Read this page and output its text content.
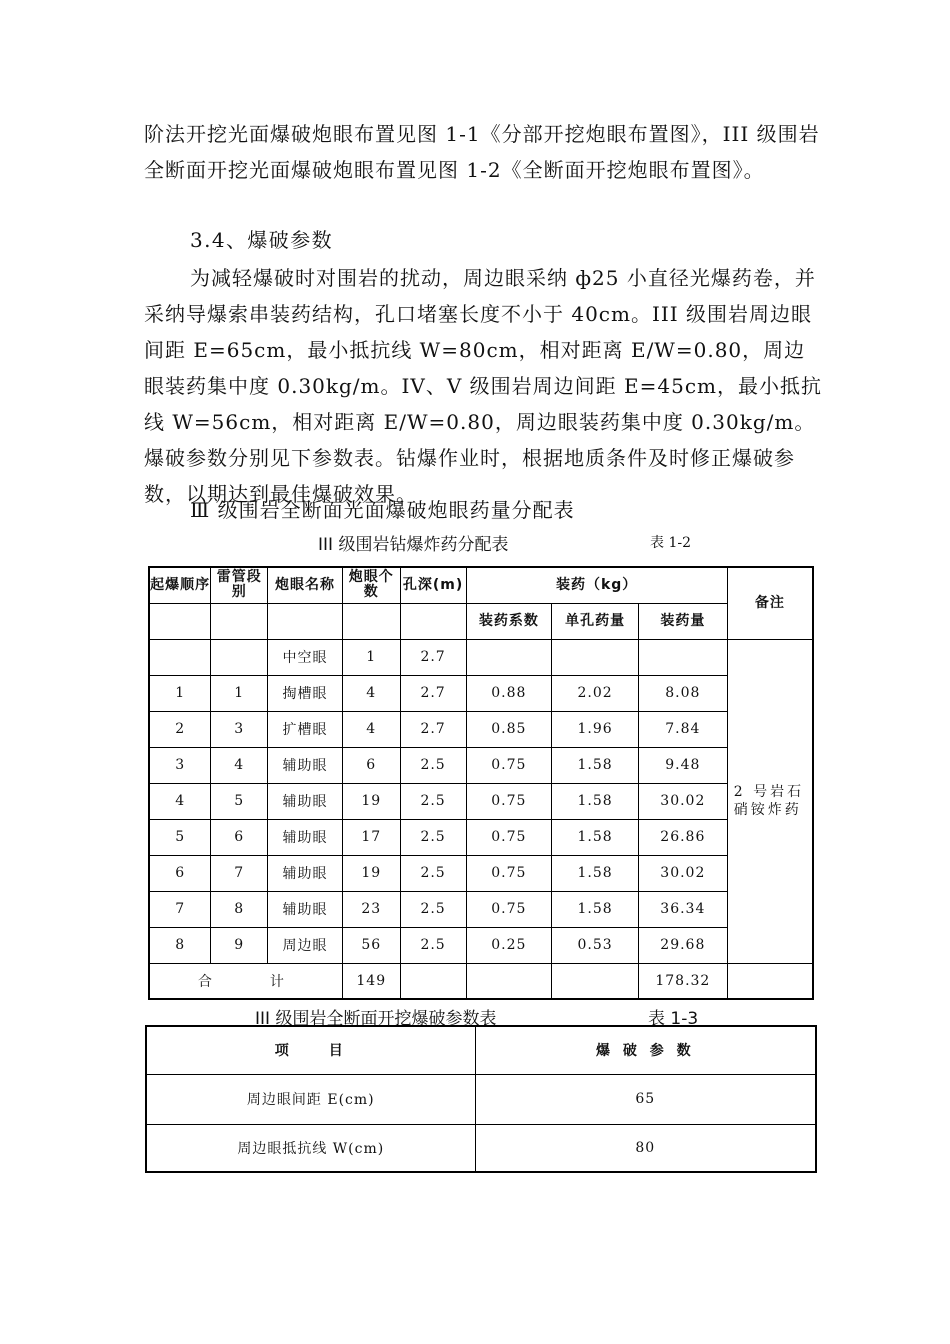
阶法开挖光面爆破炮眼布置见图 1-1《分部开挖炮眼布置图》，III 级围岩全断面开挖光面爆破炮眼布置见图 1-2《全断面开挖炮眼布置图》。
3.4、爆破参数
为减轻爆破时对围岩的扰动，周边眼采纳 ф25 小直径光爆药卷，并采纳导爆索串装药结构，孔口堵塞长度不小于 40cm。III 级围岩周边眼间距 E=65cm，最小抵抗线 W=80cm，相对距离 E/W=0.80，周边眼装药集中度 0.30kg/m。IV、V 级围岩周边间距 E=45cm，最小抵抗线 W=56cm，相对距离 E/W=0.80，周边眼装药集中度 0.30kg/m。爆破参数分别见下参数表。钻爆作业时，根据地质条件及时修正爆破参数，以期达到最佳爆破效果。
Ⅲ 级围岩全断面光面爆破炮眼药量分配表
III 级围岩钻爆炸药分配表	表 1-2
起爆顺序	雷管段别	炮眼名称	炮眼个数	孔深(m)	装药（kg）			备注
					装药系数	单孔药量	装药量	
		中空眼	1	2.7				2 号岩石硝铵炸药
1	1	掏槽眼	4	2.7	0.88	2.02	8.08	
2	3	扩槽眼	4	2.7	0.85	1.96	7.84	
3	4	辅助眼	6	2.5	0.75	1.58	9.48	
4	5	辅助眼	19	2.5	0.75	1.58	30.02	
5	6	辅助眼	17	2.5	0.75	1.58	26.86	
6	7	辅助眼	19	2.5	0.75	1.58	30.02	
7	8	辅助眼	23	2.5	0.75	1.58	36.34	
8	9	周边眼	56	2.5	0.25	0.53	29.68	
合　　计			149				178.32	
III 级围岩全断面开挖爆破参数表	表 1-3
项　　目	爆 破 参 数
周边眼间距 E(cm)	65
周边眼抵抗线 W(cm)	80
